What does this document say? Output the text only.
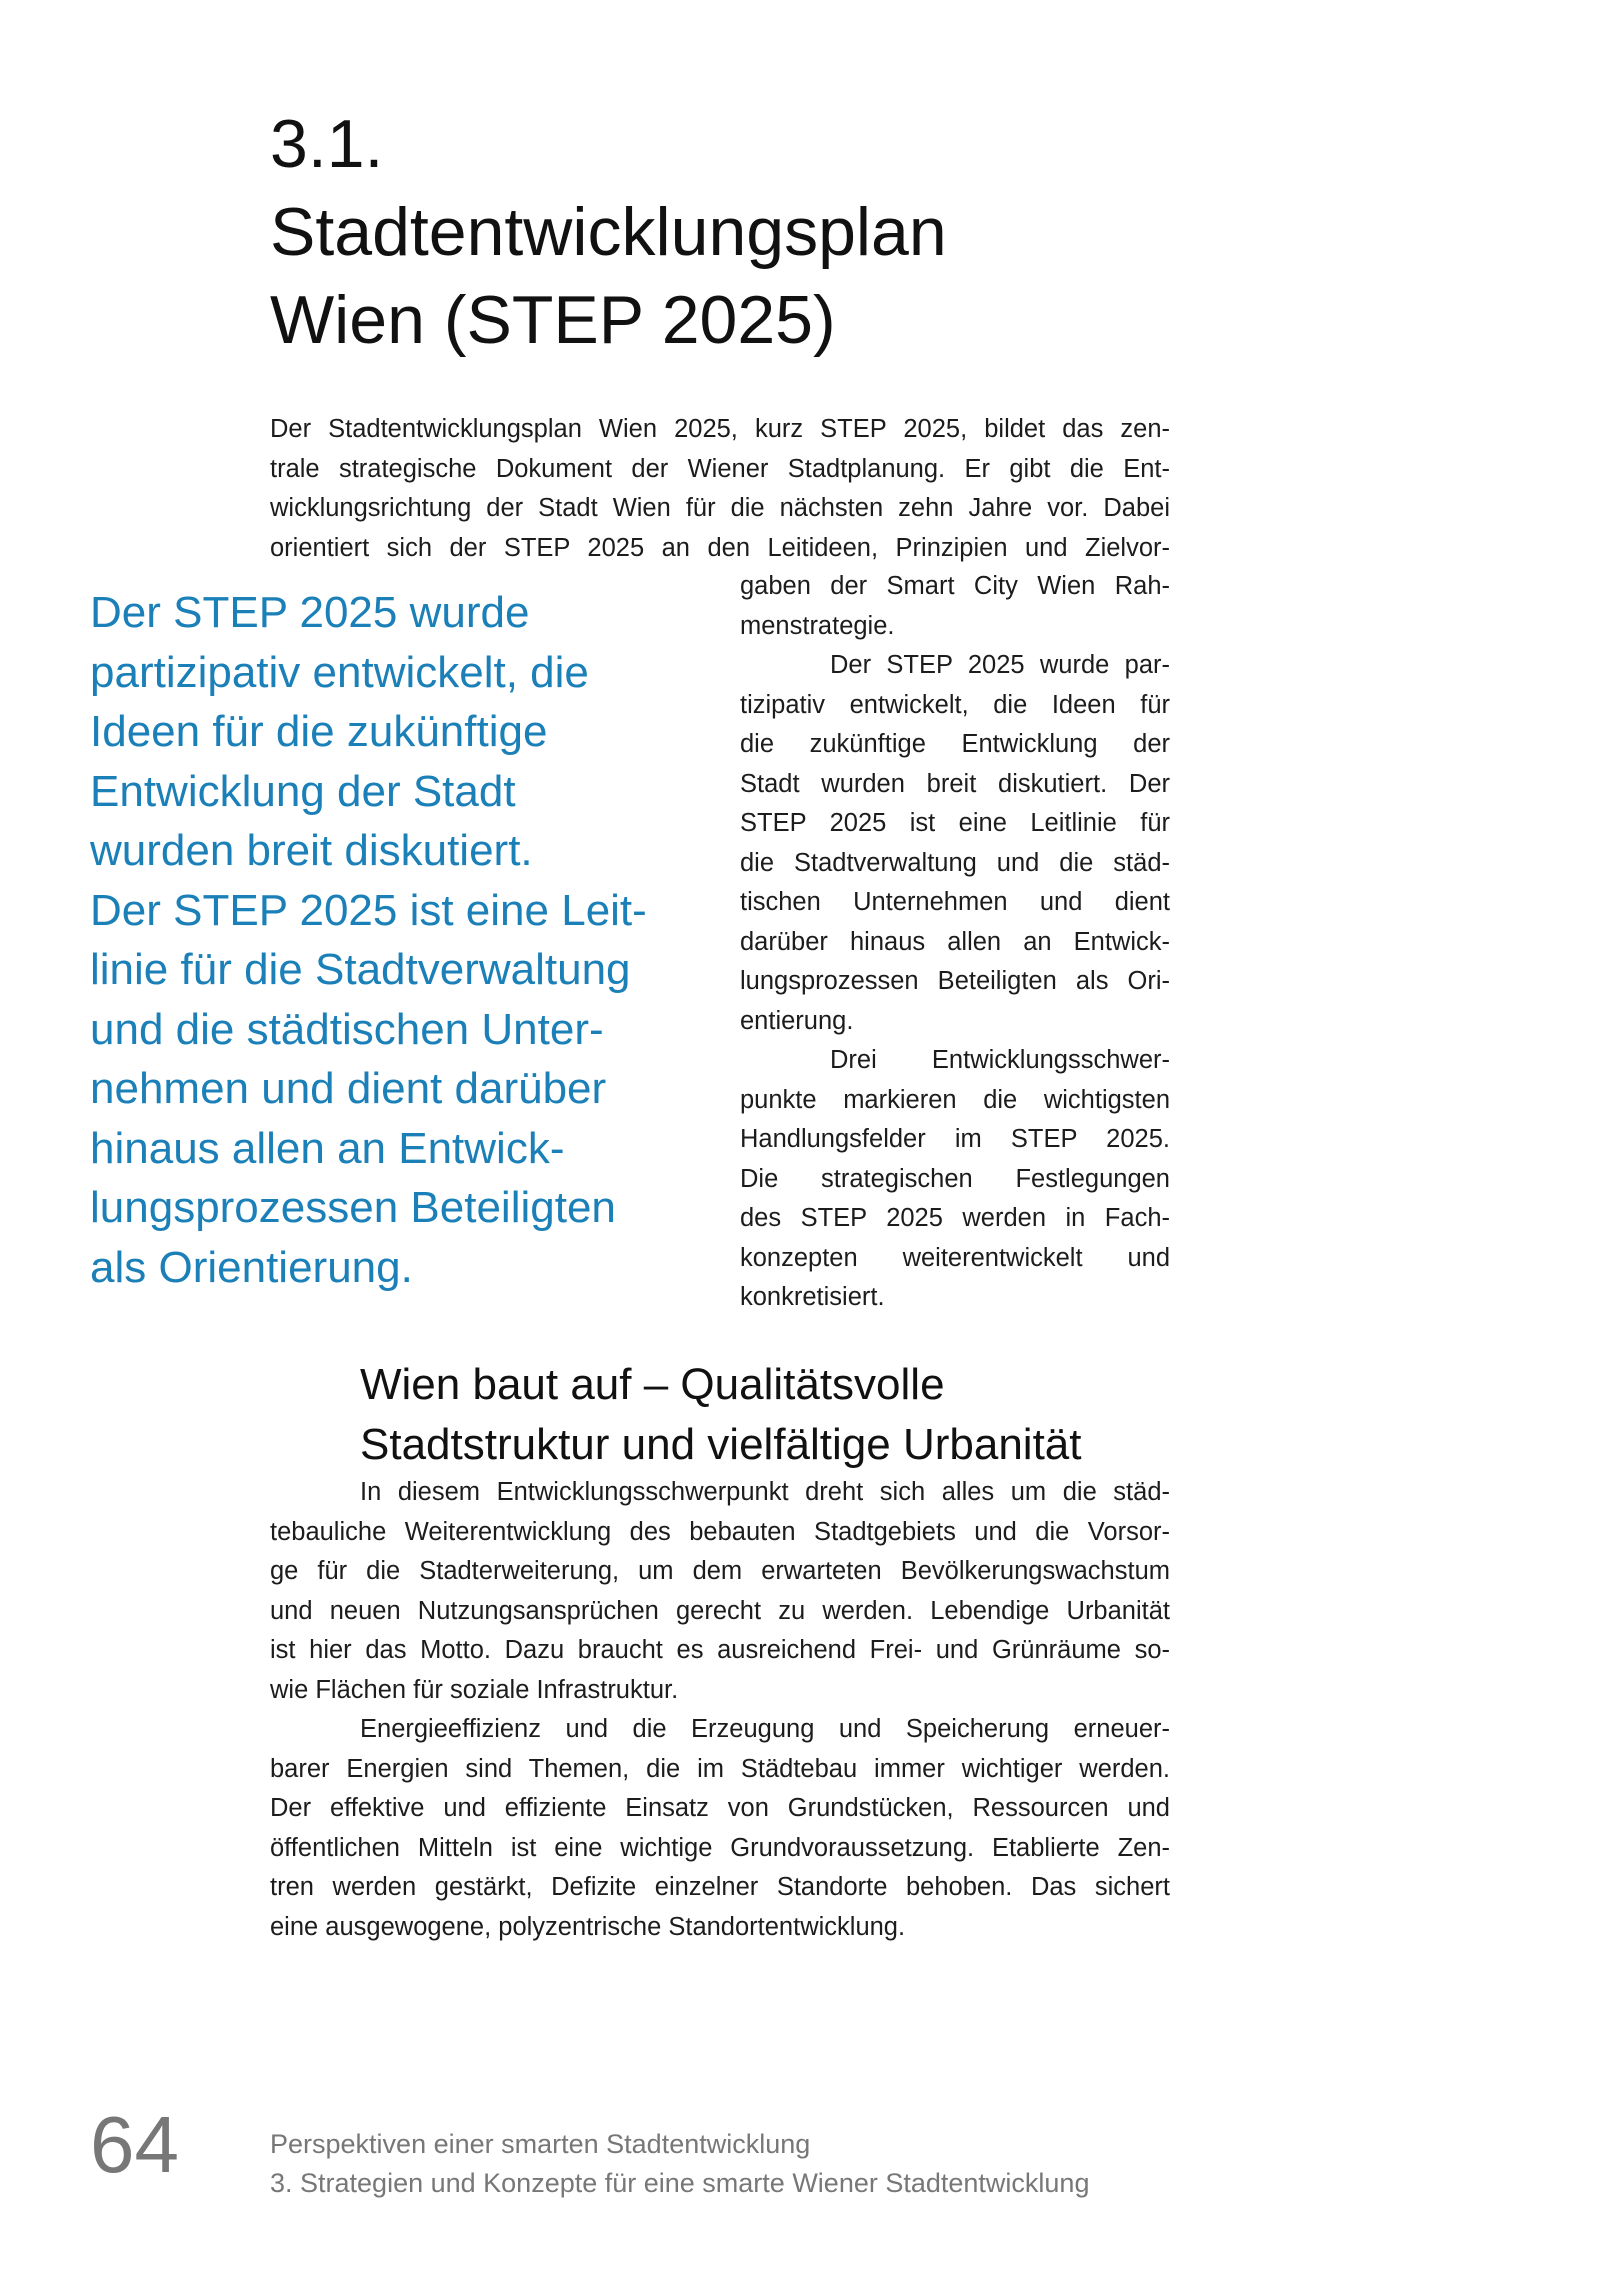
3.1.
Stadtentwicklungsplan
Wien (STEP 2025)

Der Stadtentwicklungsplan Wien 2025, kurz STEP 2025, bildet das zen-
trale strategische Dokument der Wiener Stadtplanung. Er gibt die Ent-
wicklungsrichtung der Stadt Wien für die nächsten zehn Jahre vor. Dabei
orientiert sich der STEP 2025 an den Leitideen, Prinzipien und Zielvor-

gaben der Smart City Wien Rah-
menstrategie.

Der STEP 2025 wurde par-
tizipativ entwickelt, die Ideen für
die zukünftige Entwicklung der
Stadt wurden breit diskutiert. Der
STEP 2025 ist eine Leitlinie für
die Stadtverwaltung und die städ-
tischen Unternehmen und dient
darüber hinaus allen an Entwick-
lungsprozessen Beteiligten als Ori-
entierung.

Drei Entwicklungsschwer-
punkte markieren die wichtigsten
Handlungsfelder im STEP 2025.
Die strategischen Festlegungen
des STEP 2025 werden in Fach-
konzepten weiterentwickelt und
konkretisiert.

Der STEP 2025 wurde
partizipativ entwickelt, die
Ideen für die zukünftige
Entwicklung der Stadt
wurden breit diskutiert.
Der STEP 2025 ist eine Leit-
linie für die Stadtverwaltung
und die städtischen Unter-
nehmen und dient darüber
hinaus allen an Entwick-
lungsprozessen Beteiligten
als Orientierung.

Wien baut auf – Qualitätsvolle
Stadtstruktur und vielfältige Urbanität

In diesem Entwicklungsschwerpunkt dreht sich alles um die städ-
tebauliche Weiterentwicklung des bebauten Stadtgebiets und die Vorsor-
ge für die Stadterweiterung, um dem erwarteten Bevölkerungswachstum
und neuen Nutzungsansprüchen gerecht zu werden. Lebendige Urbanität
ist hier das Motto. Dazu braucht es ausreichend Frei- und Grünräume so-
wie Flächen für soziale Infrastruktur.

Energieeffizienz und die Erzeugung und Speicherung erneuer-
barer Energien sind Themen, die im Städtebau immer wichtiger werden.
Der effektive und effiziente Einsatz von Grundstücken, Ressourcen und
öffentlichen Mitteln ist eine wichtige Grundvoraussetzung. Etablierte Zen-
tren werden gestärkt, Defizite einzelner Standorte behoben. Das sichert
eine ausgewogene, polyzentrische Standortentwicklung.

64	Perspektiven einer smarten Stadtentwicklung
3. Strategien und Konzepte für eine smarte Wiener Stadtentwicklung
